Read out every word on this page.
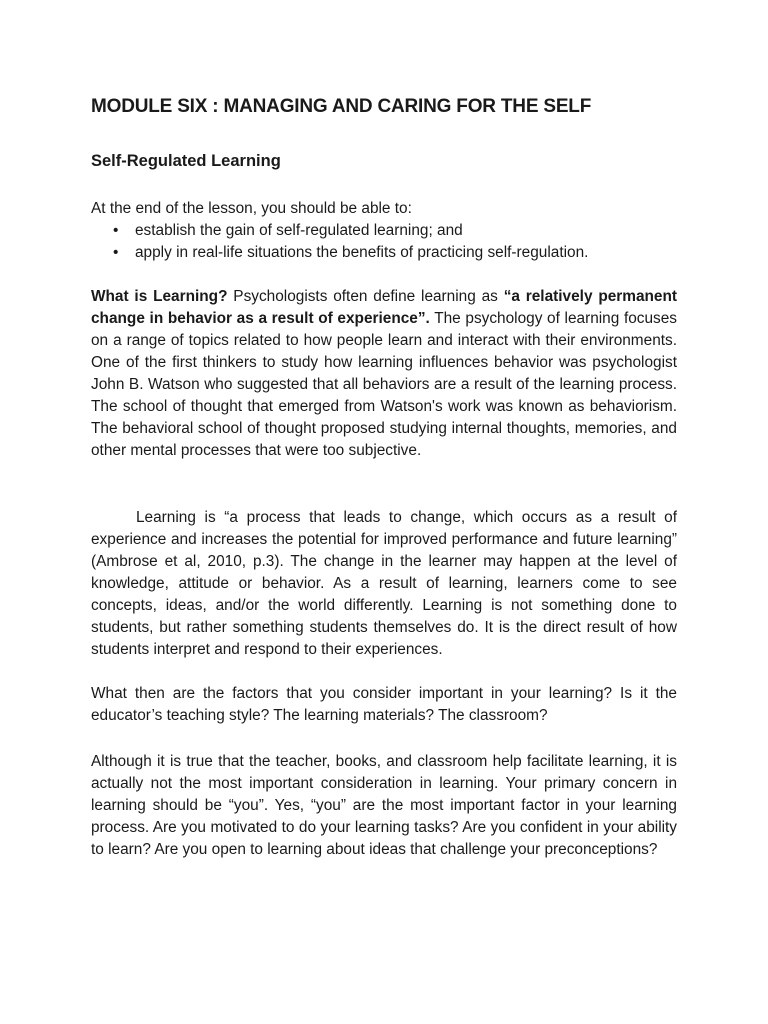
MODULE SIX : MANAGING AND CARING FOR THE SELF
Self-Regulated Learning

At the end of the lesson, you should be able to:

• establish the gain of self-regulated learning; and
• apply in real-life situations the benefits of practicing self-regulation.

What is Learning? Psychologists often define learning as “a relatively permanent change in behavior as a result of experience”. The psychology of learning focuses on a range of topics related to how people learn and interact with their environments. One of the first thinkers to study how learning influences behavior was psychologist John B. Watson who suggested that all behaviors are a result of the learning process. The school of thought that emerged from Watson's work was known as behaviorism. The behavioral school of thought proposed studying internal thoughts, memories, and other mental processes that were too subjective.

Learning is “a process that leads to change, which occurs as a result of experience and increases the potential for improved performance and future learning” (Ambrose et al, 2010, p.3). The change in the learner may happen at the level of knowledge, attitude or behavior. As a result of learning, learners come to see concepts, ideas, and/or the world differently. Learning is not something done to students, but rather something students themselves do. It is the direct result of how students interpret and respond to their experiences.

What then are the factors that you consider important in your learning? Is it the educator’s teaching style? The learning materials? The classroom?

Although it is true that the teacher, books, and classroom help facilitate learning, it is actually not the most important consideration in learning. Your primary concern in learning should be “you”. Yes, “you” are the most important factor in your learning process. Are you motivated to do your learning tasks? Are you confident in your ability to learn? Are you open to learning about ideas that challenge your preconceptions?
